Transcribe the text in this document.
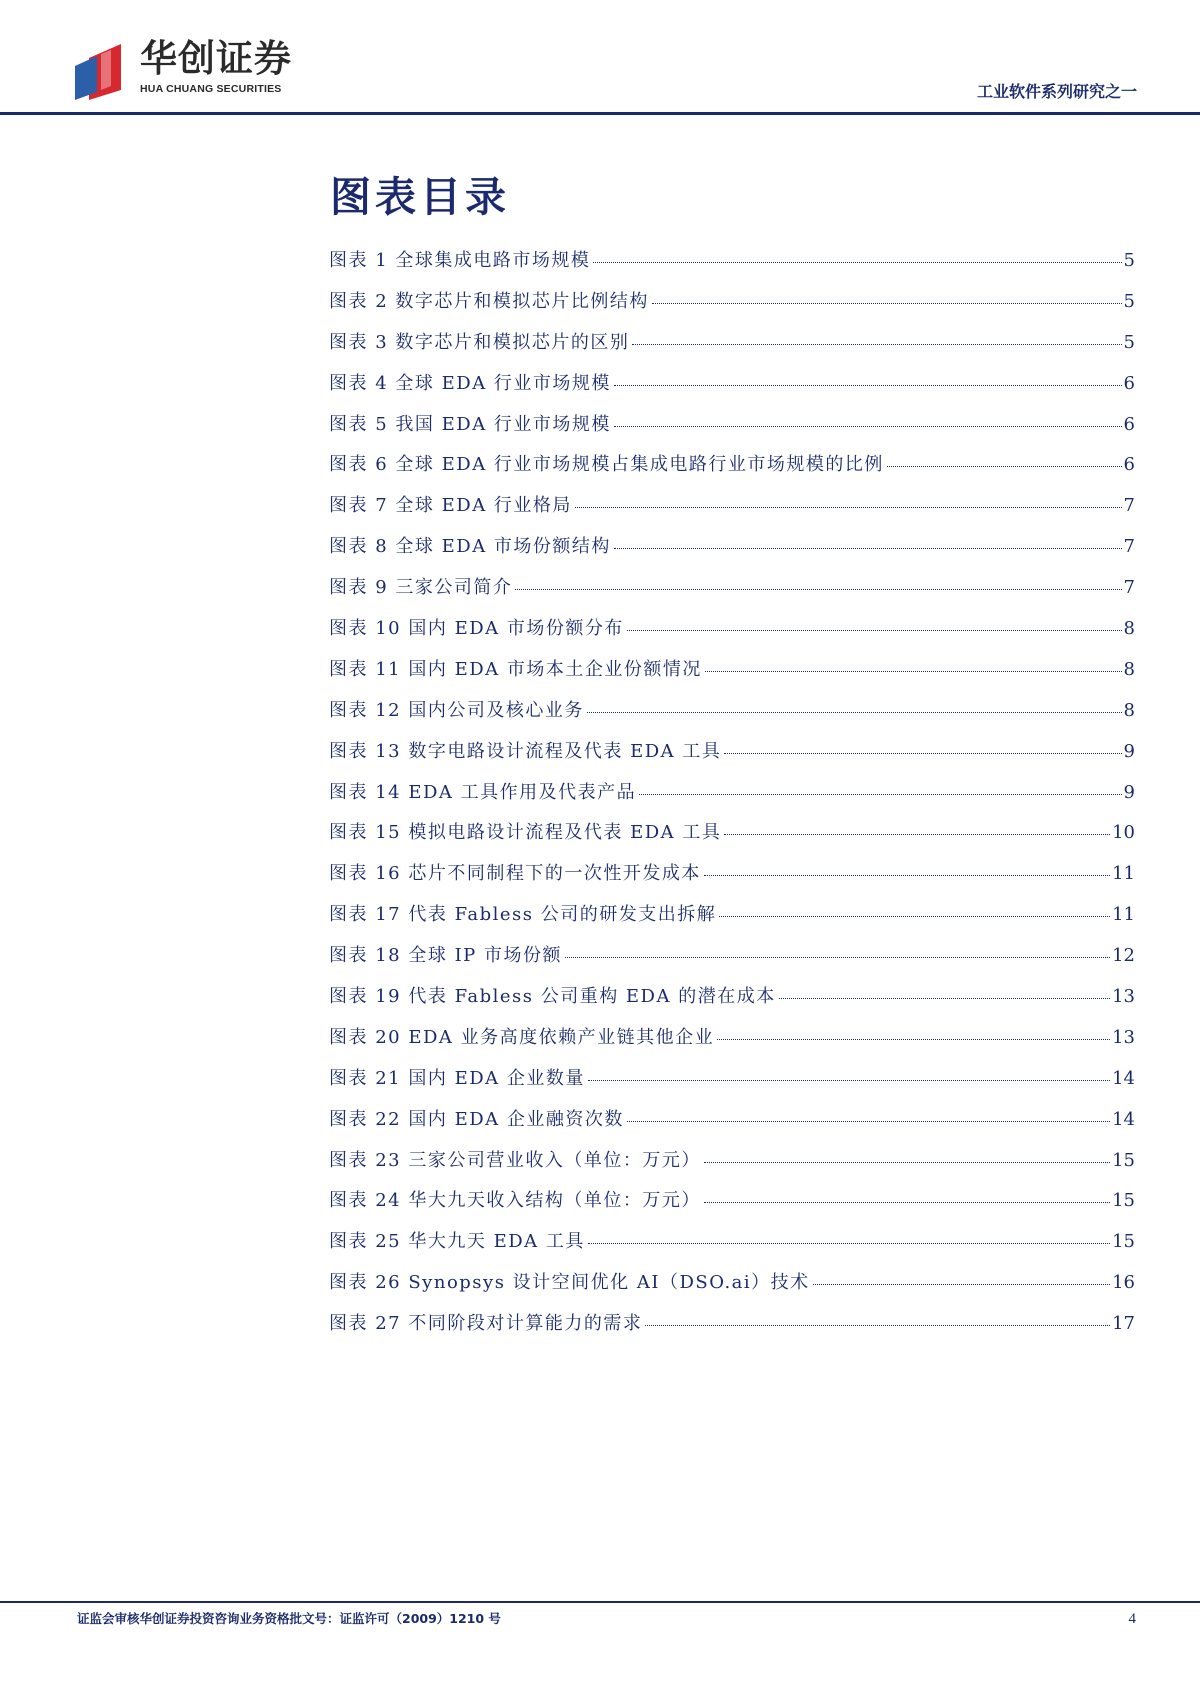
华创证券
HUA CHUANG SECURITIES	工业软件系列研究之一
图表目录
图表 1 全球集成电路市场规模	5
图表 2 数字芯片和模拟芯片比例结构	5
图表 3 数字芯片和模拟芯片的区别	5
图表 4 全球 EDA 行业市场规模	6
图表 5 我国 EDA 行业市场规模	6
图表 6 全球 EDA 行业市场规模占集成电路行业市场规模的比例	6
图表 7 全球 EDA 行业格局	7
图表 8 全球 EDA 市场份额结构	7
图表 9 三家公司简介	7
图表 10 国内 EDA 市场份额分布	8
图表 11 国内 EDA 市场本土企业份额情况	8
图表 12 国内公司及核心业务	8
图表 13 数字电路设计流程及代表 EDA 工具	9
图表 14 EDA 工具作用及代表产品	9
图表 15 模拟电路设计流程及代表 EDA 工具	10
图表 16 芯片不同制程下的一次性开发成本	11
图表 17 代表 Fabless 公司的研发支出拆解	11
图表 18 全球 IP 市场份额	12
图表 19 代表 Fabless 公司重构 EDA 的潜在成本	13
图表 20 EDA 业务高度依赖产业链其他企业	13
图表 21 国内 EDA 企业数量	14
图表 22 国内 EDA 企业融资次数	14
图表 23 三家公司营业收入（单位：万元）	15
图表 24 华大九天收入结构（单位：万元）	15
图表 25 华大九天 EDA 工具	15
图表 26 Synopsys 设计空间优化 AI（DSO.ai）技术	16
图表 27 不同阶段对计算能力的需求	17
证监会审核华创证券投资咨询业务资格批文号：证监许可（2009）1210 号	4
